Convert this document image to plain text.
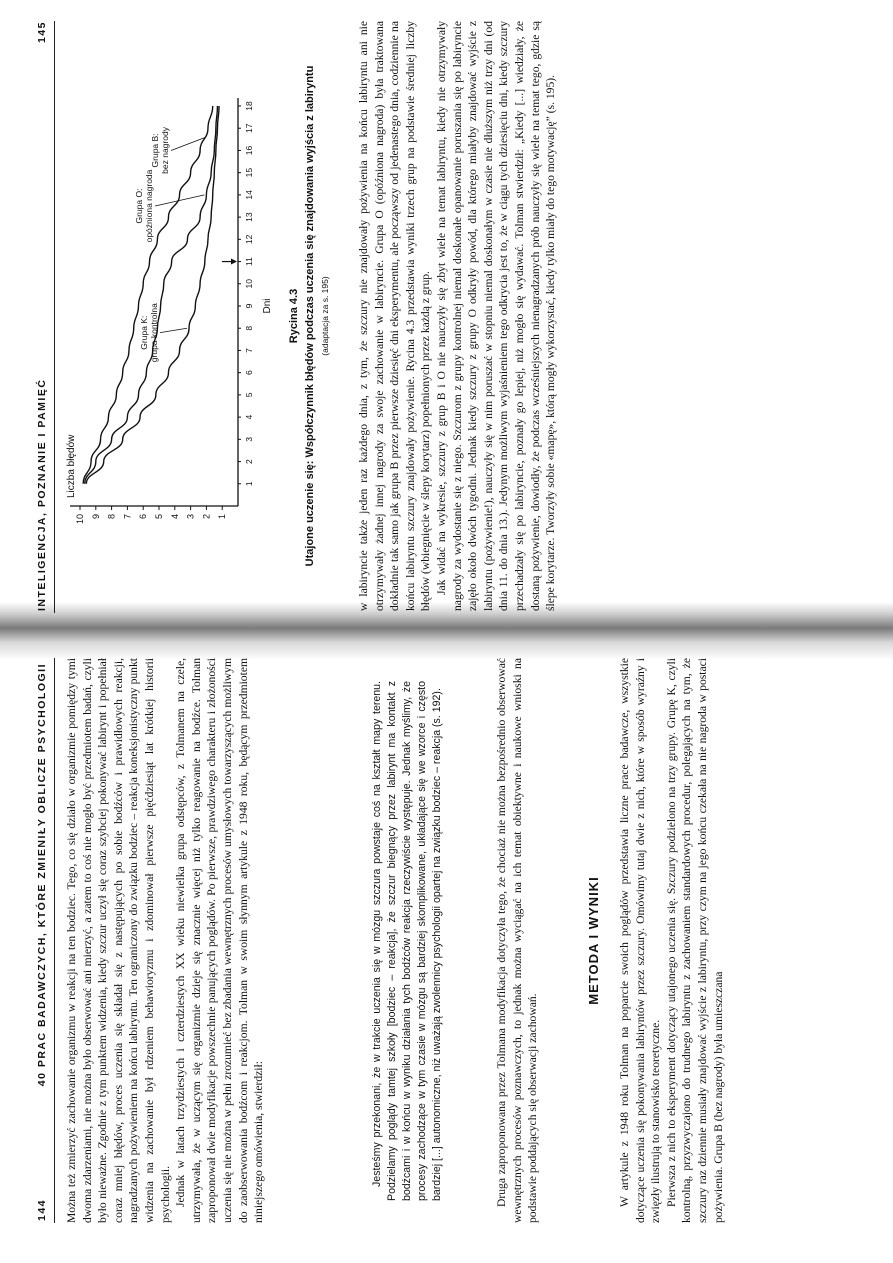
144
40 PRAC BADAWCZYCH, KTÓRE ZMIENIŁY OBLICZE PSYCHOLOGII	Można też zmierzyć zachowanie organizmu w reakcji na ten bodziec. Tego, co się działo w organizmie pomiędzy tymi dwoma zdarzeniami, nie można było obserwować ani mierzyć, a zatem to coś nie mogło być przedmiotem badań, czyli było nieważne. Zgodnie z tym punktem widzenia, kiedy szczur uczył się coraz szybciej pokonywać labirynt i popełniał coraz mniej błędów, proces uczenia się składał się z następujących po sobie bodźców i prawidłowych reakcji, nagradzanych pożywieniem na końcu labiryntu. Ten ograniczony do związku bodziec – reakcja koneksjonistyczny punkt widzenia na zachowanie był rdzeniem behawioryzmu i zdominował pierwsze pięćdziesiąt lat krótkiej historii psychologii. Jednak w latach trzydziestych i czterdziestych XX wieku niewielka grupa odstępców, z Tolmanem na czele, utrzymywała, że w uczącym się organizmie dzieje się znacznie więcej niż tylko reagowanie na bodźce. Tolman zaproponował dwie modyfikacje powszechnie panujących poglądów. Po pierwsze, prawdziwego charakteru i złożoności uczenia się nie można w pełni zrozumieć bez zbadania wewnętrznych procesów umysłowych towarzyszących możliwym do zaobserwowania bodźcom i reakcjom. Tolman w swoim słynnym artykule z 1948 roku, będącym przedmiotem niniejszego omówienia, stwierdził:	Jesteśmy przekonani, że w trakcie uczenia się w mózgu szczura powstaje coś na kształt mapy terenu. Podzielamy poglądy tamtej szkoły [bodziec – reakcja], że szczur biegnący przez labirynt ma kontakt z bodźcami i w końcu w wyniku działania tych bodźców reakcja rzeczywiście występuje. Jednak myślimy, że procesy zachodzące w tym czasie w mózgu są bardziej skomplikowane, układające się we wzorce i często bardziej [...] autonomiczne, niż uważają zwolennicy psychologii opartej na związku bodziec – reakcja (s. 192).	Druga zaproponowana przez Tolmana modyfikacja dotyczyła tego, że chociaż nie można bezpośrednio obserwować wewnętrznych procesów poznawczych, to jednak można wyciągać na ich temat obiektywne i naukowe wnioski na podstawie poddających się obserwacji zachowań.

METODA I WYNIKI W artykule z 1948 roku Tolman na poparcie swoich poglądów przedstawia liczne prace badawcze, wszystkie dotyczące uczenia się pokonywania labiryntów przez szczury. Omówimy tutaj dwie z nich, które w sposób wyraźny i zwięzły ilustrują to stanowisko teoretyczne. Pierwsza z nich to eksperyment dotyczący utajonego uczenia się. Szczury podzielono na trzy grupy. Grupę K, czyli kontrolną, przyzwyczajono do trudnego labiryntu z zachowaniem standardowych procedur, polegających na tym, że szczury raz dziennie musiały znajdować wyjście z labiryntu, przy czym na jego końcu czekała na nie nagroda w postaci pożywienia. Grupa B (bez nagrody) była umieszczana

INTELIGENCJA, POZNANIE I PAMIĘĆ
145
1
2
3
4
5
6
7
8
9
10
1
2
3
4
5
6
7
8
9
10
11
12
13
14
15
16
17
18
Liczba błędów
Dni
Grupa B:bez nagrody
Grupa O:opóźniona nagroda
Grupa K:grupa kontrolna	Rycina 4.3 Utajone uczenie się: Współczynnik błędów podczas uczenia się znajdowania wyjścia z labiryntu (adaptacja za s. 195) w labiryncie także jeden raz każdego dnia, z tym, że szczury nie znajdowały pożywienia na końcu labiryntu ani nie otrzymywały żadnej innej nagrody za swoje zachowanie w labiryncie. Grupa O (opóźniona nagroda) była traktowana dokładnie tak samo jak grupa B przez pierwsze dziesięć dni eksperymentu, ale począwszy od jedenastego dnia, codziennie na końcu labiryntu szczury znajdowały pożywienie. Rycina 4.3 przedstawia wyniki trzech grup na podstawie średniej liczby błędów (wbiegnięcie w ślepy korytarz) popełnionych przez każdą z grup. Jak widać na wykresie, szczury z grup B i O nie nauczyły się zbyt wiele na temat labiryntu, kiedy nie otrzymywały nagrody za wydostanie się z niego. Szczurom z grupy kontrolnej niemal doskonałe opanowanie poruszania się po labiryncie zajęło około dwóch tygodni. Jednak kiedy szczury z grupy O odkryły powód, dla którego miałyby znajdować wyjście z labiryntu (pożywienie!), nauczyły się w nim poruszać w stopniu niemal doskonałym w czasie nie dłuższym niż trzy dni (od dnia 11. do dnia 13.). Jedynym możliwym wyjaśnieniem tego odkrycia jest to, że w ciągu tych dziesięciu dni, kiedy szczury przechadzały się po labiryncie, poznały go lepiej, niż mogło się wydawać. Tolman stwierdził: „Kiedy [...] wiedziały, że dostaną pożywienie, dowiodły, że podczas wcześniejszych nienagradzanych prób nauczyły się wiele na temat tego, gdzie są ślepe korytarze. Tworzyły sobie «mapę», którą mogły wykorzystać, kiedy tylko miały do tego motywację” (s. 195).
